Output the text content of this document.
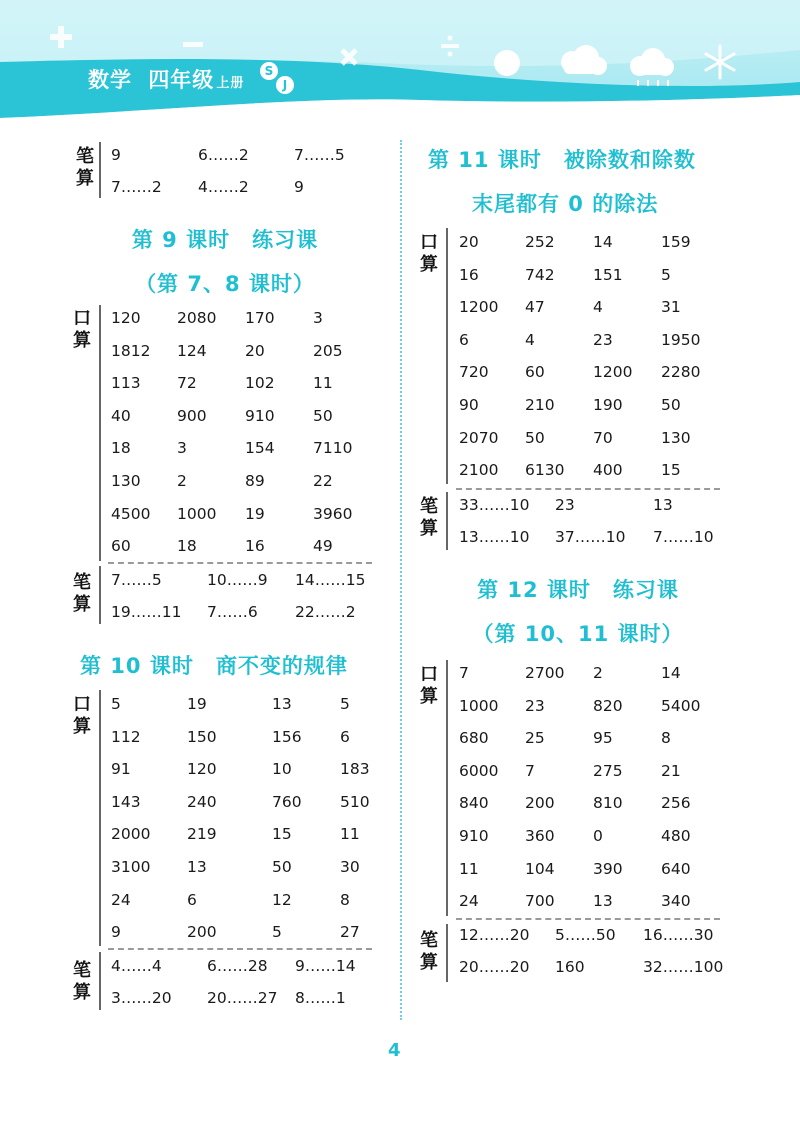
数学 四年级 上册
S
J
笔算
9	6……2	7……5
7……2	4……2	9
第 9 课时　练习课
（第 7、8 课时）
口算
120	2080	170	3
1812	124	20	205
113	72	102	11
40	900	910	50
18	3	154	7110
130	2	89	22
4500	1000	19	3960
60	18	16	49
笔算
7……5	10……9	14……15
19……11	7……6	22……2
第 10 课时　商不变的规律
口算
5	19	13	5
112	150	156	6
91	120	10	183
143	240	760	510
2000	219	15	11
3100	13	50	30
24	6	12	8
9	200	5	27
笔算
4……4	6……28	9……14
3……20	20……27	8……1
第 11 课时　被除数和除数
末尾都有 0 的除法
口算
20	252	14	159
16	742	151	5
1200	47	4	31
6	4	23	1950
720	60	1200	2280
90	210	190	50
2070	50	70	130
2100	6130	400	15
笔算
33……10	23	13
13……10	37……10	7……10
第 12 课时　练习课
（第 10、11 课时）
口算
7	2700	2	14
1000	23	820	5400
680	25	95	8
6000	7	275	21
840	200	810	256
910	360	0	480
11	104	390	640
24	700	13	340
笔算
12……20	5……50	16……30
20……20	160	32……100
4
